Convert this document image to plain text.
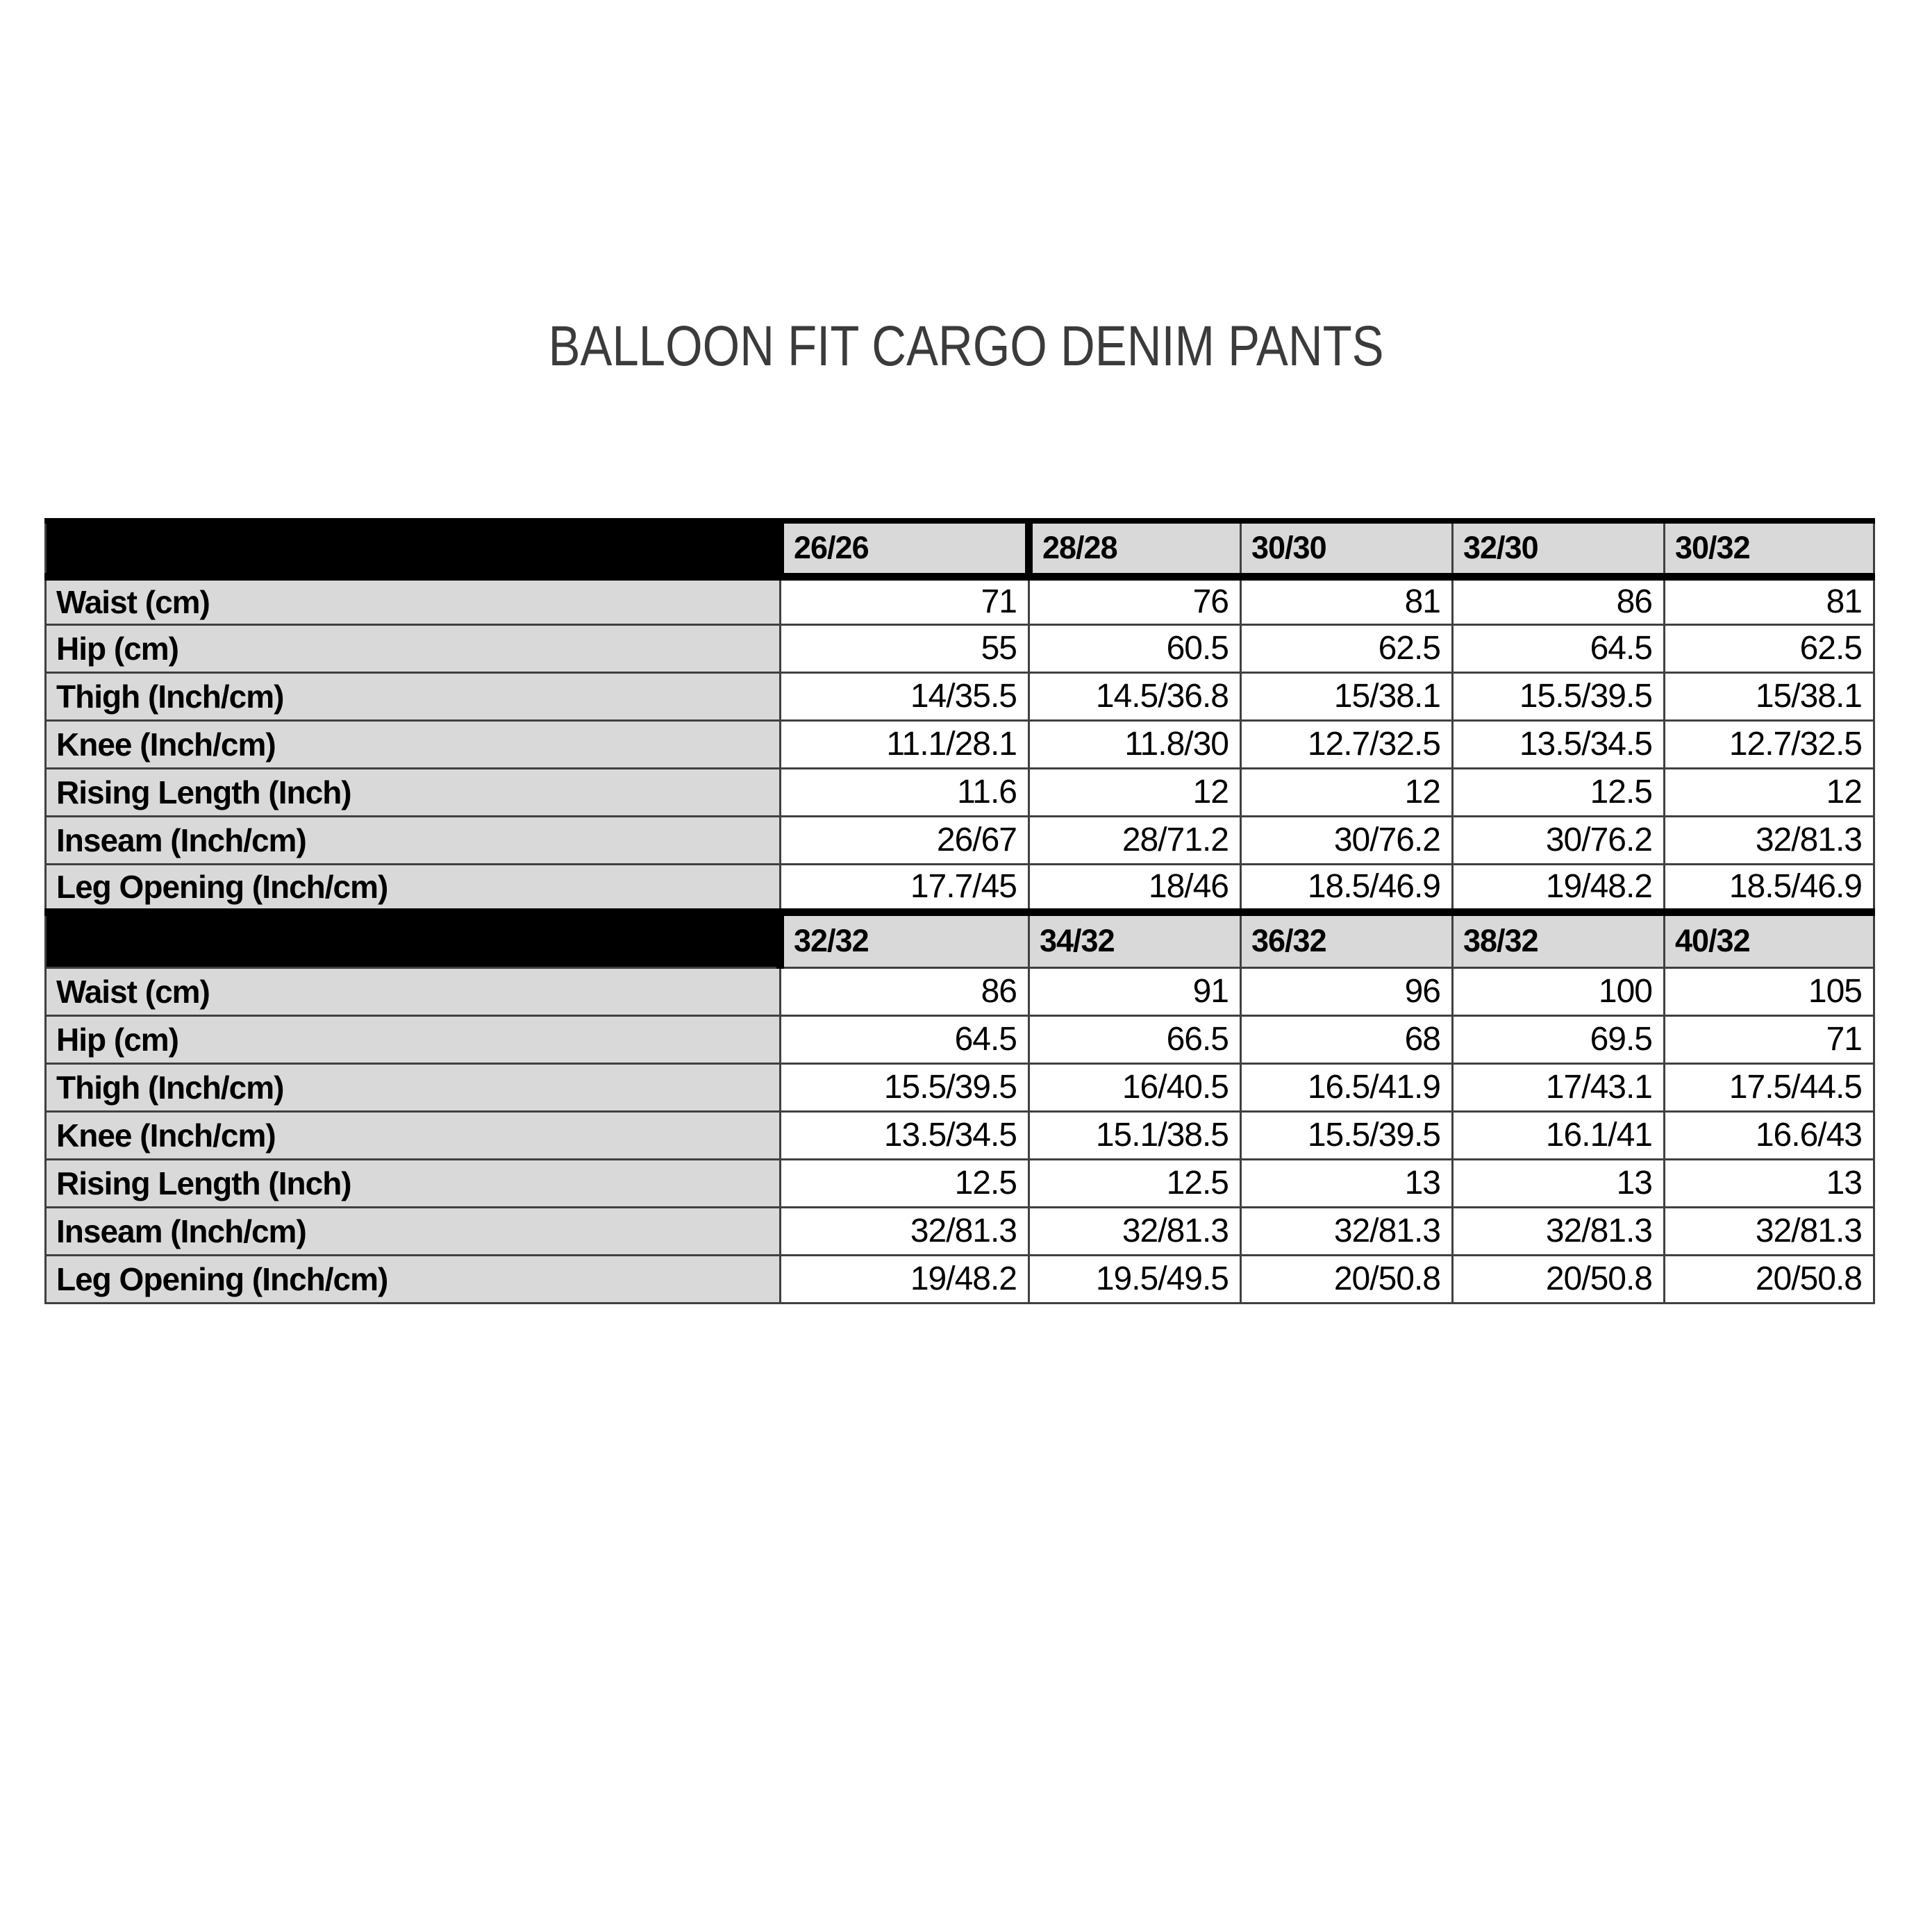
BALLOON FIT CARGO DENIM PANTS
	26/26	28/28	30/30	32/30	30/32
Waist (cm)	71	76	81	86	81
Hip (cm)	55	60.5	62.5	64.5	62.5
Thigh (Inch/cm)	14/35.5	14.5/36.8	15/38.1	15.5/39.5	15/38.1
Knee (Inch/cm)	11.1/28.1	11.8/30	12.7/32.5	13.5/34.5	12.7/32.5
Rising Length (Inch)	11.6	12	12	12.5	12
Inseam (Inch/cm)	26/67	28/71.2	30/76.2	30/76.2	32/81.3
Leg Opening (Inch/cm)	17.7/45	18/46	18.5/46.9	19/48.2	18.5/46.9
	32/32	34/32	36/32	38/32	40/32
Waist (cm)	86	91	96	100	105
Hip (cm)	64.5	66.5	68	69.5	71
Thigh (Inch/cm)	15.5/39.5	16/40.5	16.5/41.9	17/43.1	17.5/44.5
Knee (Inch/cm)	13.5/34.5	15.1/38.5	15.5/39.5	16.1/41	16.6/43
Rising Length (Inch)	12.5	12.5	13	13	13
Inseam (Inch/cm)	32/81.3	32/81.3	32/81.3	32/81.3	32/81.3
Leg Opening (Inch/cm)	19/48.2	19.5/49.5	20/50.8	20/50.8	20/50.8
